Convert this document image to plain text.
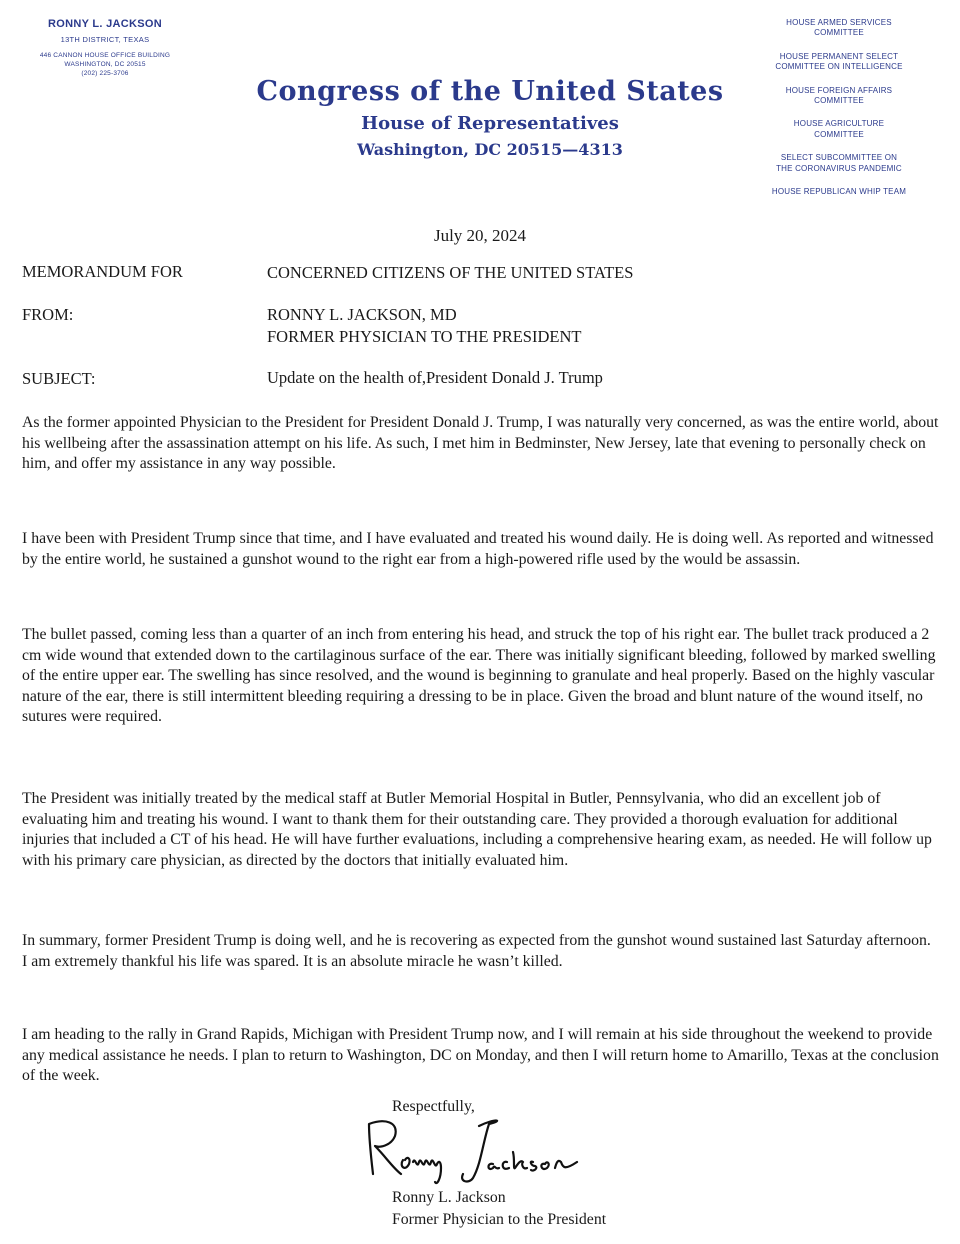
RONNY L. JACKSON
13TH DISTRICT, TEXAS
446 CANNON HOUSE OFFICE BUILDING
WASHINGTON, DC 20515
(202) 225-3706
Congress of the United States
House of Representatives
Washington, DC 20515—4313
HOUSE ARMED SERVICES
COMMITTEE
HOUSE PERMANENT SELECT
COMMITTEE ON INTELLIGENCE
HOUSE FOREIGN AFFAIRS
COMMITTEE
HOUSE AGRICULTURE
COMMITTEE
SELECT SUBCOMMITTEE ON
THE CORONAVIRUS PANDEMIC
HOUSE REPUBLICAN WHIP TEAM
July 20, 2024
MEMORANDUM FOR	CONCERNED CITIZENS OF THE UNITED STATES
FROM:	RONNY L. JACKSON, MD
FORMER PHYSICIAN TO THE PRESIDENT
SUBJECT:	Update on the health of,President Donald J. Trump
As the former appointed Physician to the President for President Donald J. Trump, I was naturally very concerned, as was the entire world, about his wellbeing after the assassination attempt on his life. As such, I met him in Bedminster, New Jersey, late that evening to personally check on him, and offer my assistance in any way possible.
I have been with President Trump since that time, and I have evaluated and treated his wound daily. He is doing well. As reported and witnessed by the entire world, he sustained a gunshot wound to the right ear from a high-powered rifle used by the would be assassin.
The bullet passed, coming less than a quarter of an inch from entering his head, and struck the top of his right ear. The bullet track produced a 2 cm wide wound that extended down to the cartilaginous surface of the ear. There was initially significant bleeding, followed by marked swelling of the entire upper ear. The swelling has since resolved, and the wound is beginning to granulate and heal properly. Based on the highly vascular nature of the ear, there is still intermittent bleeding requiring a dressing to be in place. Given the broad and blunt nature of the wound itself, no sutures were required.
The President was initially treated by the medical staff at Butler Memorial Hospital in Butler, Pennsylvania, who did an excellent job of evaluating him and treating his wound. I want to thank them for their outstanding care. They provided a thorough evaluation for additional injuries that included a CT of his head. He will have further evaluations, including a comprehensive hearing exam, as needed. He will follow up with his primary care physician, as directed by the doctors that initially evaluated him.
In summary, former President Trump is doing well, and he is recovering as expected from the gunshot wound sustained last Saturday afternoon. I am extremely thankful his life was spared. It is an absolute miracle he wasn’t killed.
I am heading to the rally in Grand Rapids, Michigan with President Trump now, and I will remain at his side throughout the weekend to provide any medical assistance he needs. I plan to return to Washington, DC on Monday, and then I will return home to Amarillo, Texas at the conclusion of the week.
Respectfully,
Ronny L. Jackson
Former Physician to the President
